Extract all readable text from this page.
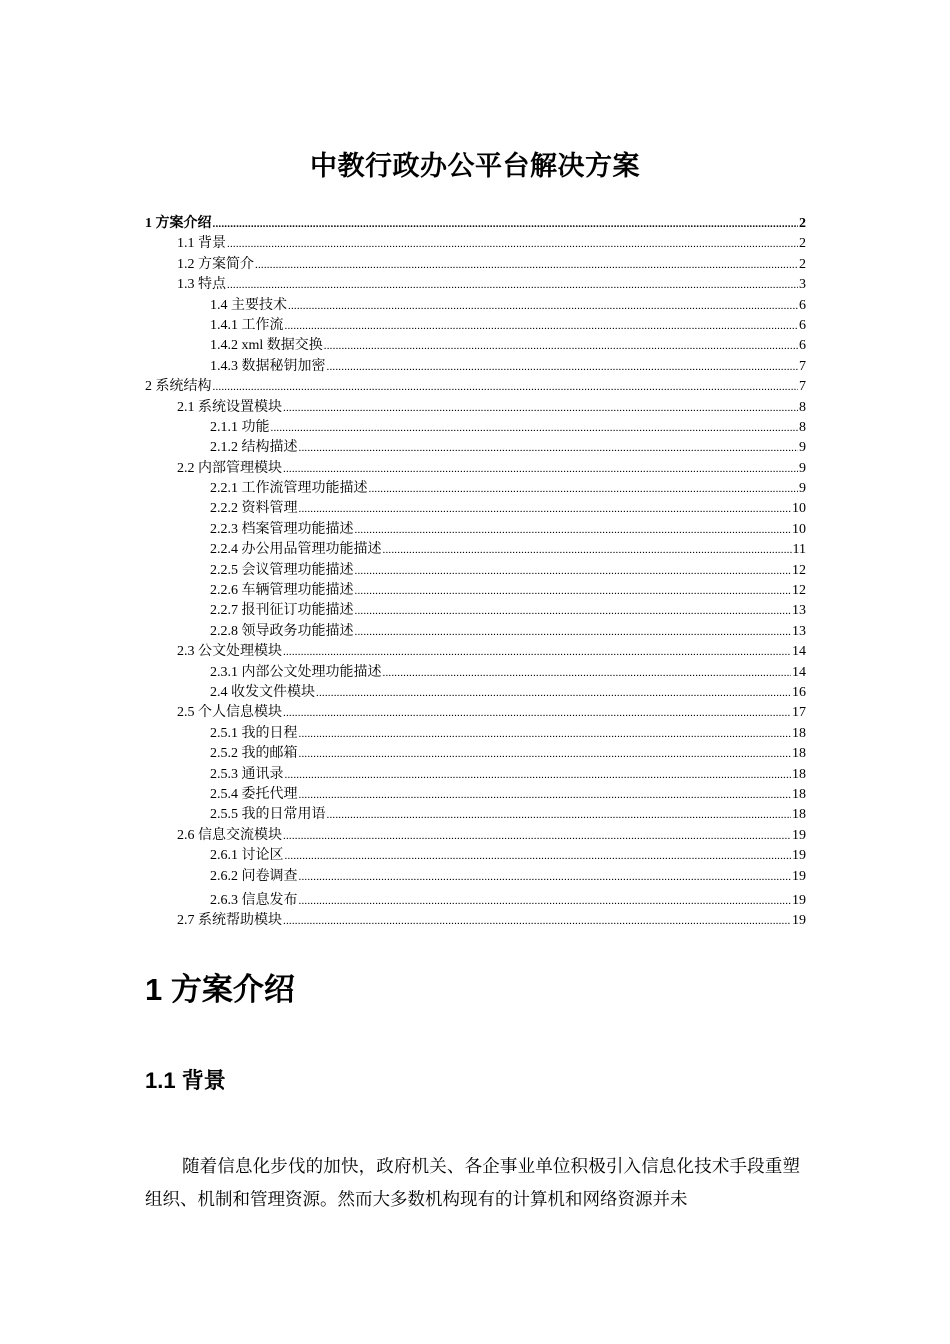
中教行政办公平台解决方案
1 方案介绍 .....	2
1.1 背景 .....	2
1.2 方案简介 .....	2
1.3 特点 .....	3
1.4 主要技术 .....	6
1.4.1 工作流 .....	6
1.4.2 xml 数据交换 .....	6
1.4.3 数据秘钥加密 .....	7
2 系统结构 .....	7
2.1 系统设置模块 .....	8
2.1.1 功能 .....	8
2.1.2 结构描述 .....	9
2.2 内部管理模块 .....	9
2.2.1 工作流管理功能描述 .....	9
2.2.2 资料管理 .....	10
2.2.3 档案管理功能描述 .....	10
2.2.4 办公用品管理功能描述 .....	11
2.2.5 会议管理功能描述 .....	12
2.2.6 车辆管理功能描述 .....	12
2.2.7 报刊征订功能描述 .....	13
2.2.8 领导政务功能描述 .....	13
2.3 公文处理模块 .....	14
2.3.1 内部公文处理功能描述 .....	14
2.4 收发文件模块 .....	16
2.5 个人信息模块 .....	17
2.5.1 我的日程 .....	18
2.5.2 我的邮箱 .....	18
2.5.3 通讯录 .....	18
2.5.4 委托代理 .....	18
2.5.5 我的日常用语 .....	18
2.6 信息交流模块 .....	19
2.6.1 讨论区 .....	19
2.6.2 问卷调查 .....	19
2.6.3 信息发布 .....	19
2.7 系统帮助模块 .....	19
1 方案介绍
1.1 背景
随着信息化步伐的加快，政府机关、各企事业单位积极引入信息化技术手段重塑组织、机制和管理资源。然而大多数机构现有的计算机和网络资源并未
